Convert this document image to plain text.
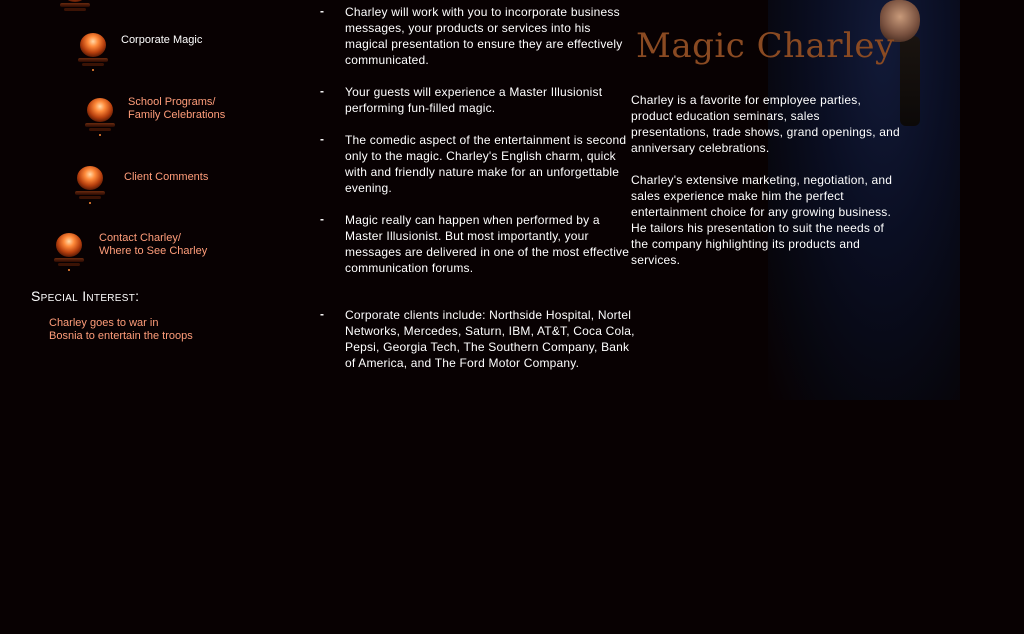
Corporate Magic
School Programs/
Family Celebrations
Client Comments
Contact Charley/
Where to See Charley
Special Interest:
Charley goes to war in
Bosnia to entertain the troops
- Charley will work with you to incorporate business messages, your products or services into his magical presentation to ensure they are effectively communicated.
- Your guests will experience a Master Illusionist performing fun-filled magic.
- The comedic aspect of the entertainment is second only to the magic. Charley's English charm, quick with and friendly nature make for an unforgettable evening.
- Magic really can happen when performed by a Master Illusionist. But most importantly, your messages are delivered in one of the most effective communication forums.
- Corporate clients include: Northside Hospital, Nortel Networks, Mercedes, Saturn, IBM, AT&T, Coca Cola, Pepsi, Georgia Tech, The Southern Company, Bank of America, and The Ford Motor Company.
Magic Charley
Charley is a favorite for employee parties, product education seminars, sales presentations, trade shows, grand openings, and anniversary celebrations.
Charley's extensive marketing, negotiation, and sales experience make him the perfect entertainment choice for any growing business. He tailors his presentation to suit the needs of the company highlighting its products and services.
